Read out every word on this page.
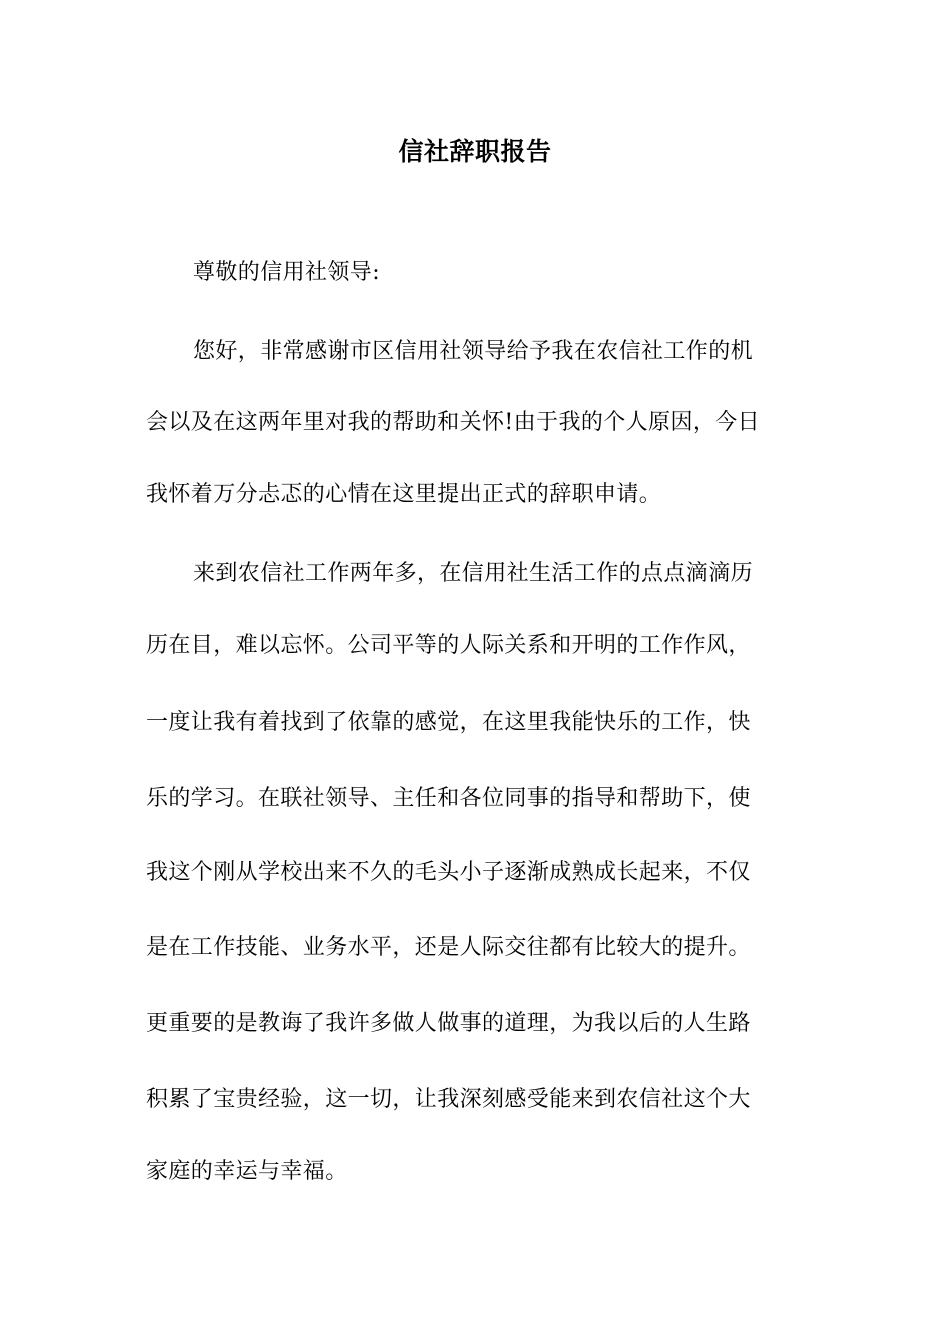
信社辞职报告
尊敬的信用社领导:
您好，非常感谢市区信用社领导给予我在农信社工作的机
会以及在这两年里对我的帮助和关怀!由于我的个人原因，今日
我怀着万分忐忑的心情在这里提出正式的辞职申请。
来到农信社工作两年多，在信用社生活工作的点点滴滴历
历在目，难以忘怀。公司平等的人际关系和开明的工作作风，
一度让我有着找到了依靠的感觉，在这里我能快乐的工作，快
乐的学习。在联社领导、主任和各位同事的指导和帮助下，使
我这个刚从学校出来不久的毛头小子逐渐成熟成长起来，不仅
是在工作技能、业务水平，还是人际交往都有比较大的提升。
更重要的是教诲了我许多做人做事的道理，为我以后的人生路
积累了宝贵经验，这一切，让我深刻感受能来到农信社这个大
家庭的幸运与幸福。
